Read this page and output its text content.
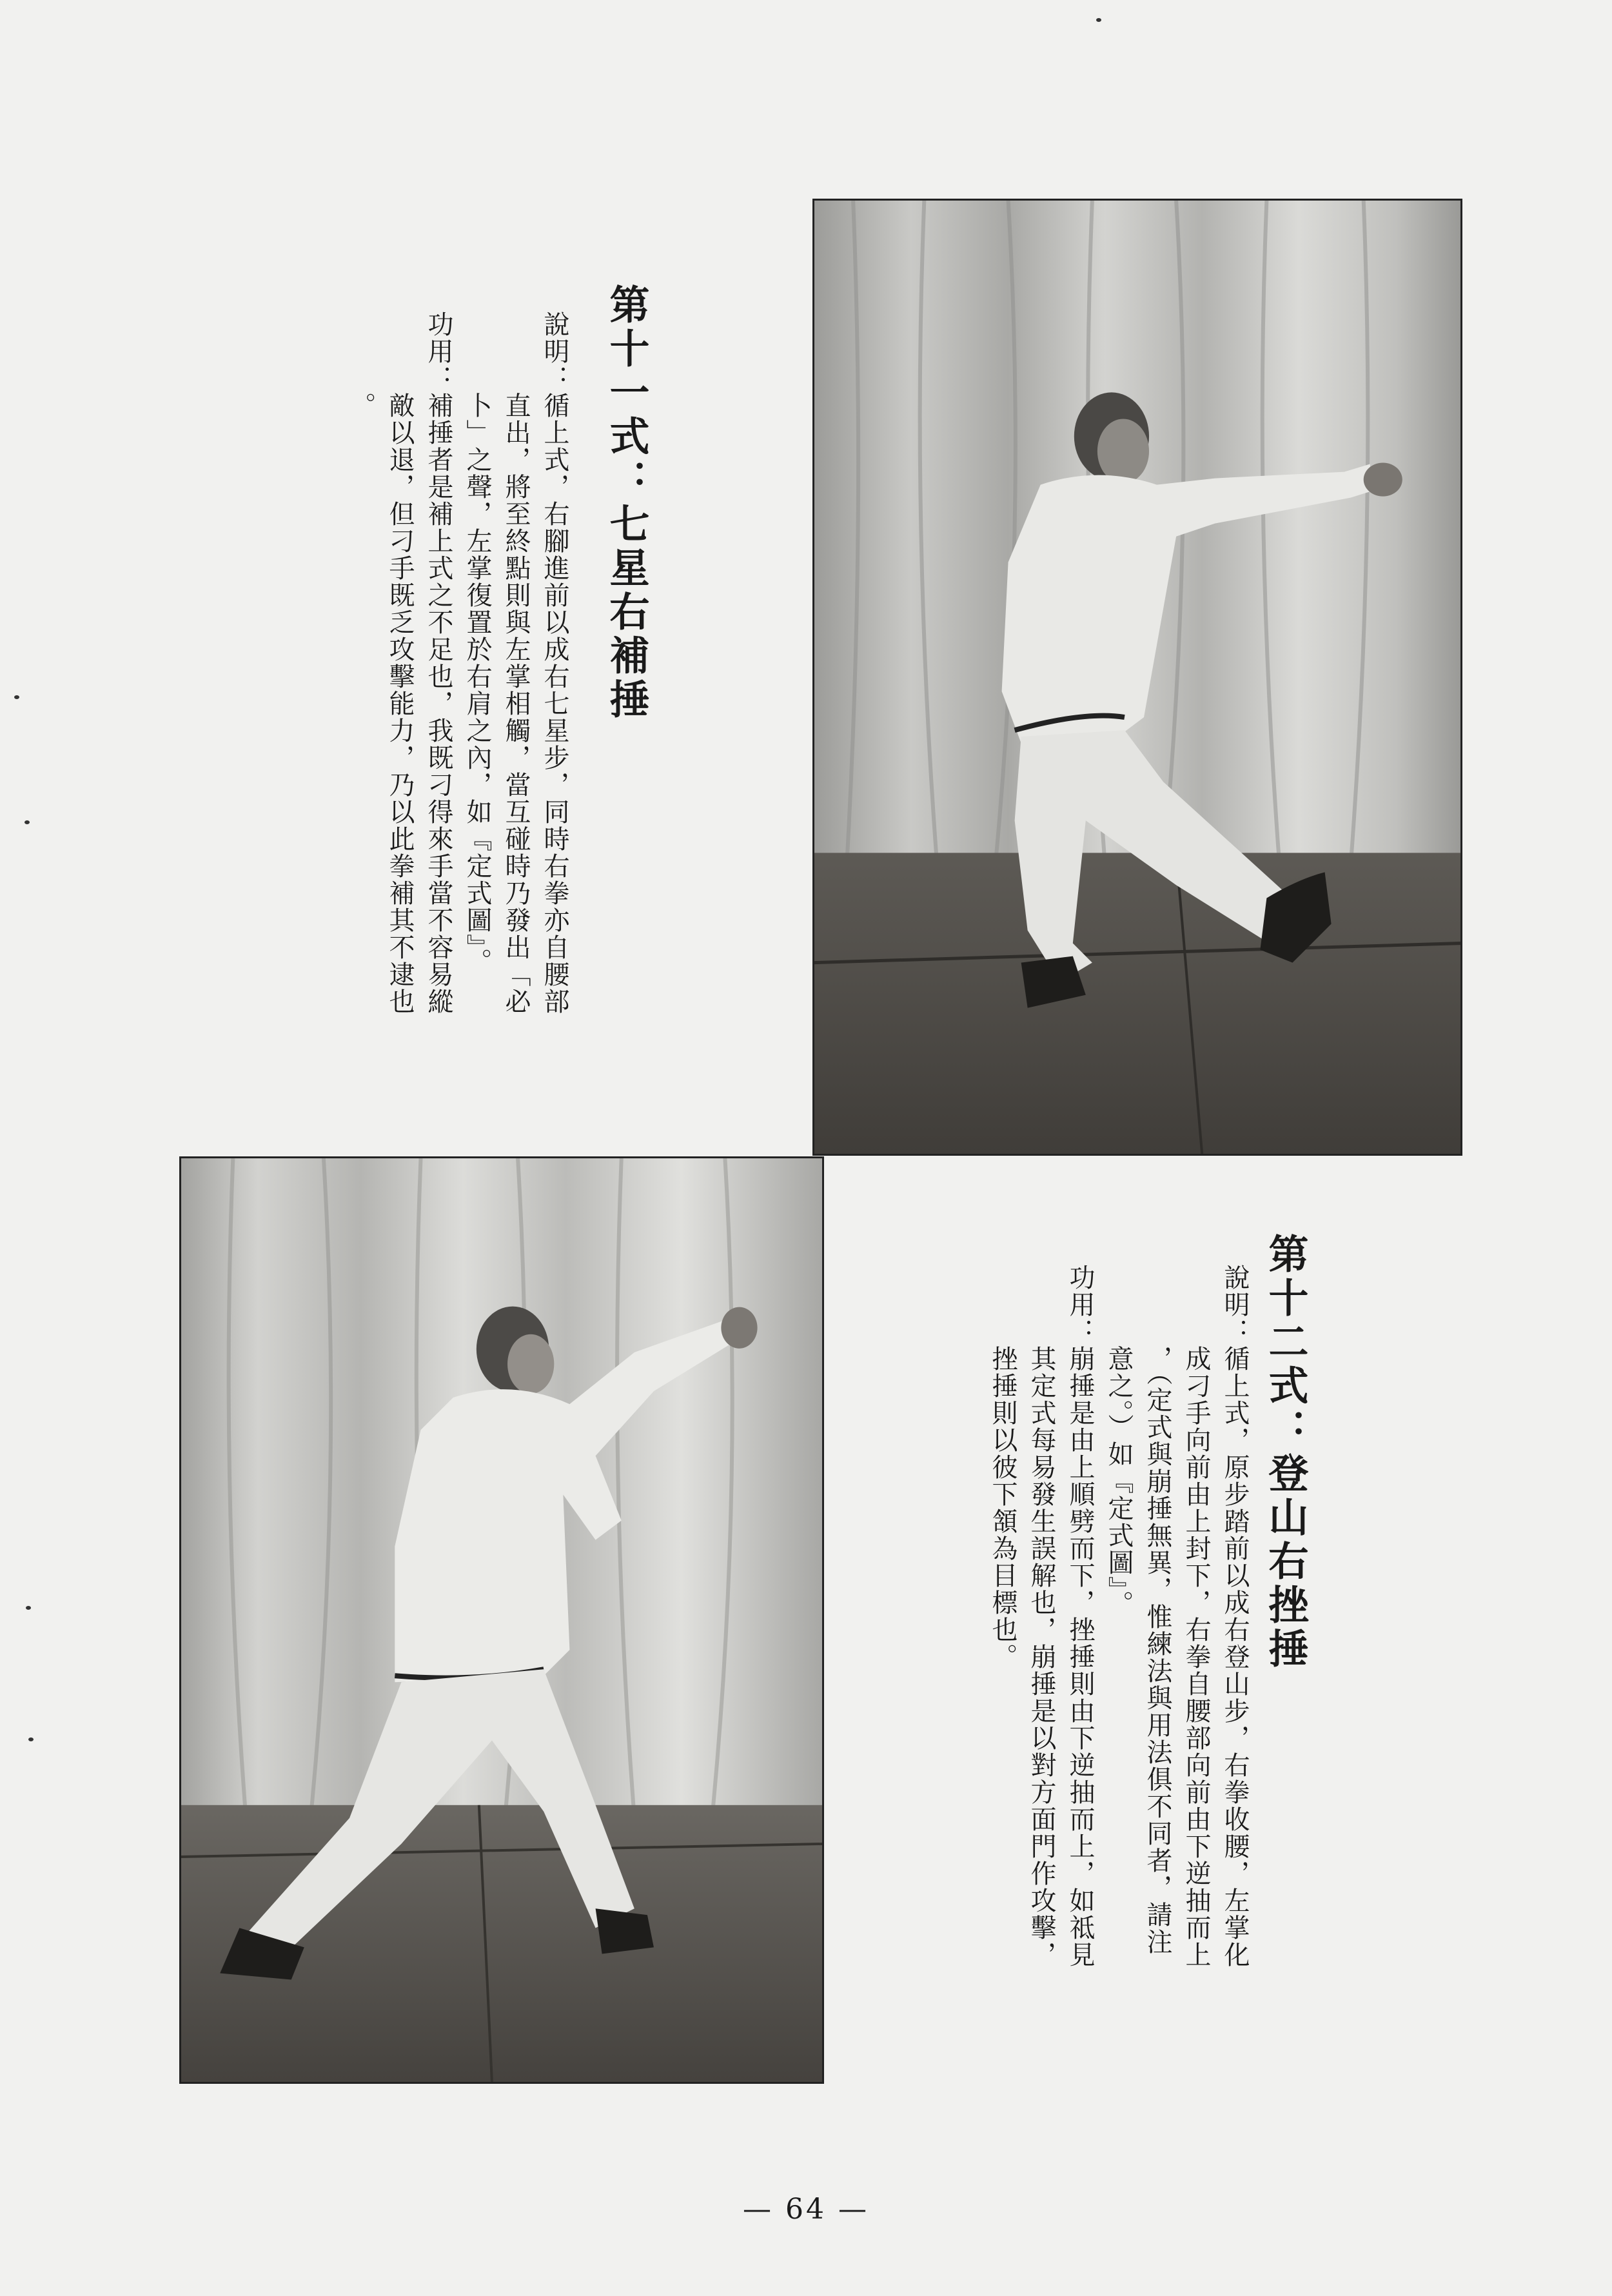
第十一式：七星右補捶
說明：循上式，右腳進前以成右七星步，同時右拳亦自腰部
　　　直出，將至終點則與左掌相觸，當互碰時乃發出「必
　　　卜」之聲，左掌復置於右肩之內，如『定式圖』。
功用：補捶者是補上式之不足也，我既刁得來手當不容易縱
　　　敵以退，但刁手既乏攻擊能力，乃以此拳補其不逮也
　　　。
第十二式：登山右挫捶
說明：循上式，原步踏前以成右登山步，右拳收腰，左掌化
　　　成刁手向前由上封下，右拳自腰部向前由下逆抽而上
　　　，（定式與崩捶無異，惟練法與用法俱不同者，請注
　　　意之。）如『定式圖』。
功用：崩捶是由上順劈而下，挫捶則由下逆抽而上，如祗見
　　　其定式每易發生誤解也，崩捶是以對方面門作攻擊，
　　　挫捶則以彼下頷為目標也。
— 64 —
